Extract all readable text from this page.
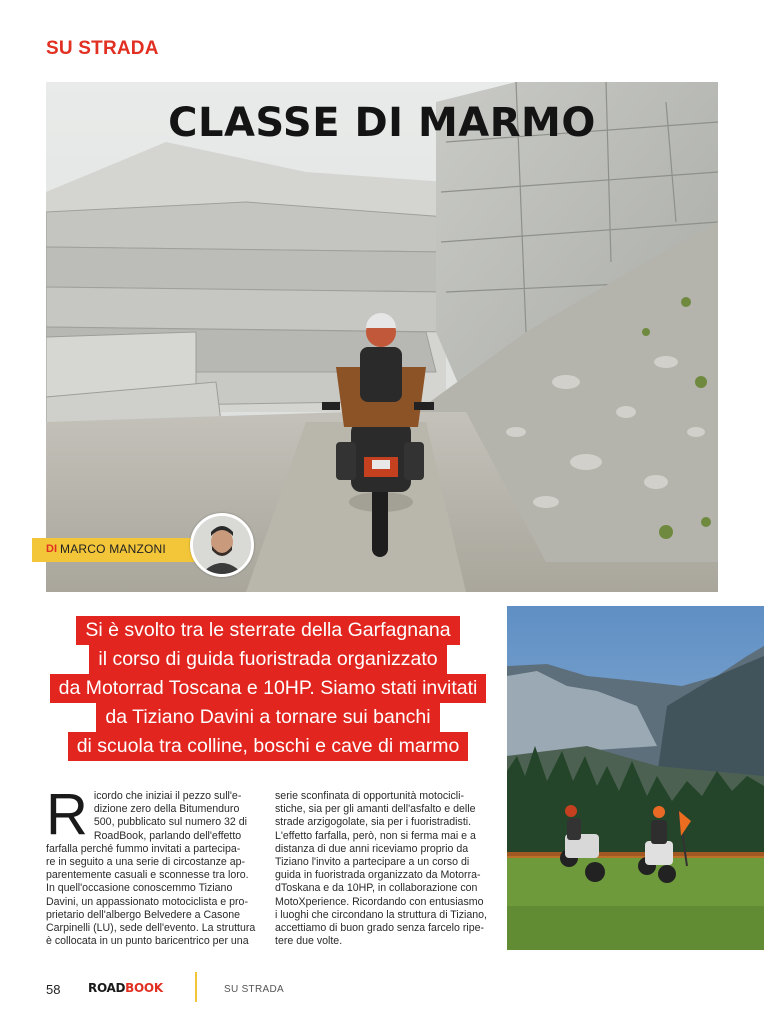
SU STRADA
CLASSE DI MARMO
DI MARCO MANZONI
Si è svolto tra le sterrate della Garfagnana
il corso di guida fuoristrada organizzato
da Motorrad Toscana e 10HP. Siamo stati invitati
da Tiziano Davini a tornare sui banchi
di scuola tra colline, boschi e cave di marmo
R icordo che iniziai il pezzo sull'e-

dizione zero della Bitumenduro

500, pubblicato sul numero 32 di

RoadBook, parlando dell'effetto

farfalla perché fummo invitati a partecipa-

re in seguito a una serie di circostanze ap-

parentemente casuali e sconnesse tra loro.

In quell'occasione conoscemmo Tiziano

Davini, un appassionato motociclista e pro-

prietario dell'albergo Belvedere a Casone

Carpinelli (LU), sede dell'evento. La struttura

è collocata in un punto baricentrico per una

serie sconfinata di opportunità motocicli-

stiche, sia per gli amanti dell'asfalto e delle

strade arzigogolate, sia per i fuoristradisti.

L'effetto farfalla, però, non si ferma mai e a

distanza di due anni riceviamo proprio da

Tiziano l'invito a partecipare a un corso di

guida in fuoristrada organizzato da Motorra-

dToskana e da 10HP, in collaborazione con

MotoXperience. Ricordando con entusiasmo

i luoghi che circondano la struttura di Tiziano,

accettiamo di buon grado senza farcelo ripe-

tere due volte.

58 ROADBOOK	SU STRADA
